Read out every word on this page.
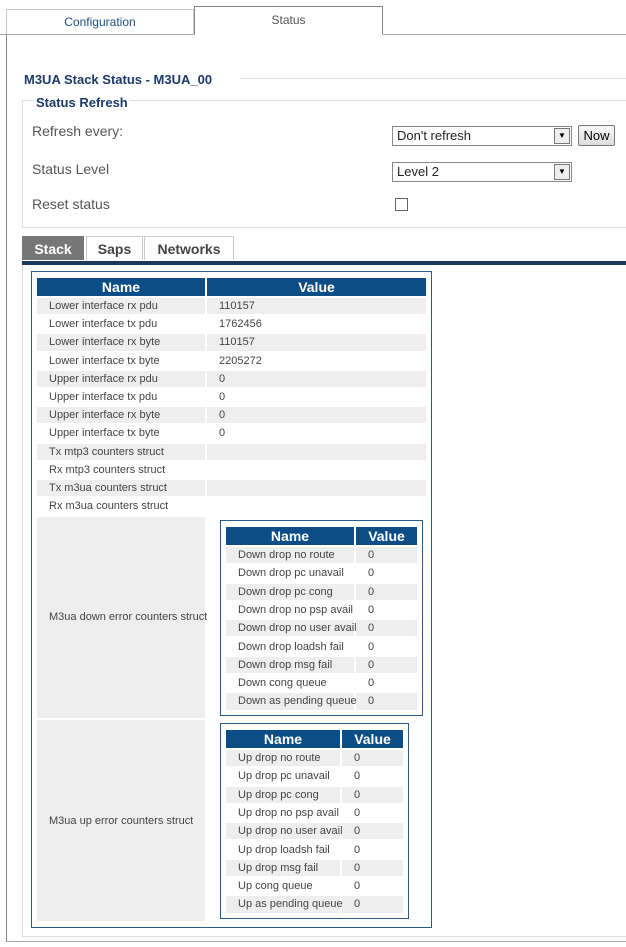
Configuration	Status
M3UA Stack Status - M3UA_00
Status Refresh
Refresh every:	Don't refresh	▼	Now
Status Level	Level 2	▼
Reset status
Stack	Saps	Networks
Name	Value
Lower interface rx pdu	110157
Lower interface tx pdu	1762456
Lower interface rx byte	110157
Lower interface tx byte	2205272
Upper interface rx pdu	0
Upper interface tx pdu	0
Upper interface rx byte	0
Upper interface tx byte	0
Tx mtp3 counters struct
Rx mtp3 counters struct
Tx m3ua counters struct
Rx m3ua counters struct
M3ua down error counters struct
Name	Value
Down drop no route	0
Down drop pc unavail 0
Down drop pc cong	0
Down drop no psp avail 0
Down drop no user avail 0
Down drop loadsh fail 0
Down drop msg fail	0
Down cong queue	0
Down as pending queue 0
M3ua up error counters struct
Name	Value
Up drop no route	0
Up drop pc unavail 0
Up drop pc cong	0
Up drop no psp avail 0
Up drop no user avail 0
Up drop loadsh fail 0
Up drop msg fail	0
Up cong queue	0
Up as pending queue 0
